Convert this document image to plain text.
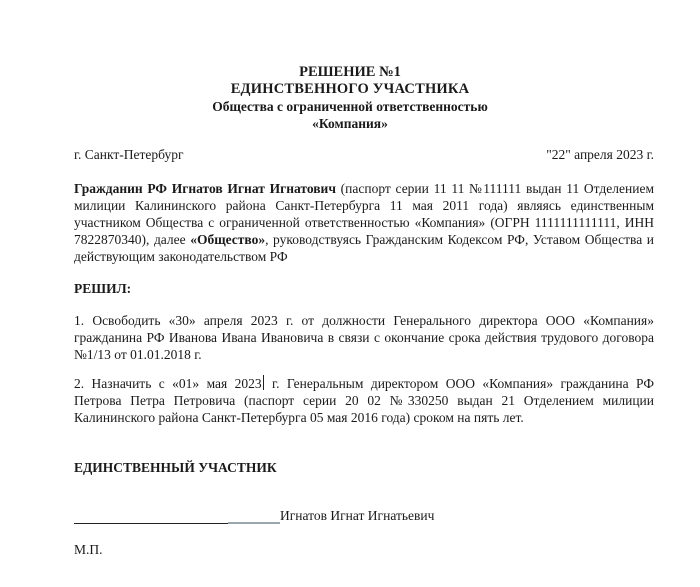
РЕШЕНИЕ №1
ЕДИНСТВЕННОГО УЧАСТНИКА
Общества с ограниченной ответственностью
«Компания»
г. Санкт-Петербург	"22" апреля 2023 г.
Гражданин РФ Игнатов Игнат Игнатович (паспорт серии 11 11 №111111 выдан 11 Отделением милиции Калининского района Санкт-Петербурга 11 мая 2011 года) являясь единственным участником Общества с ограниченной ответственностью «Компания» (ОГРН 1111111111111, ИНН 7822870340), далее «Общество», руководствуясь Гражданским Кодексом РФ, Уставом Общества и действующим законодательством РФ
РЕШИЛ:
1. Освободить «30» апреля 2023 г. от должности Генерального директора ООО «Компания» гражданина РФ Иванова Ивана Ивановича в связи с окончание срока действия трудового договора №1/13 от 01.01.2018 г.
2. Назначить с «01» мая 2023 г. Генеральным директором ООО «Компания» гражданина РФ Петрова Петра Петровича (паспорт серии 20 02 №330250 выдан 21 Отделением милиции Калининского района Санкт-Петербурга 05 мая 2016 года) сроком на пять лет.
ЕДИНСТВЕННЫЙ УЧАСТНИК
Игнатов Игнат Игнатьевич
М.П.
